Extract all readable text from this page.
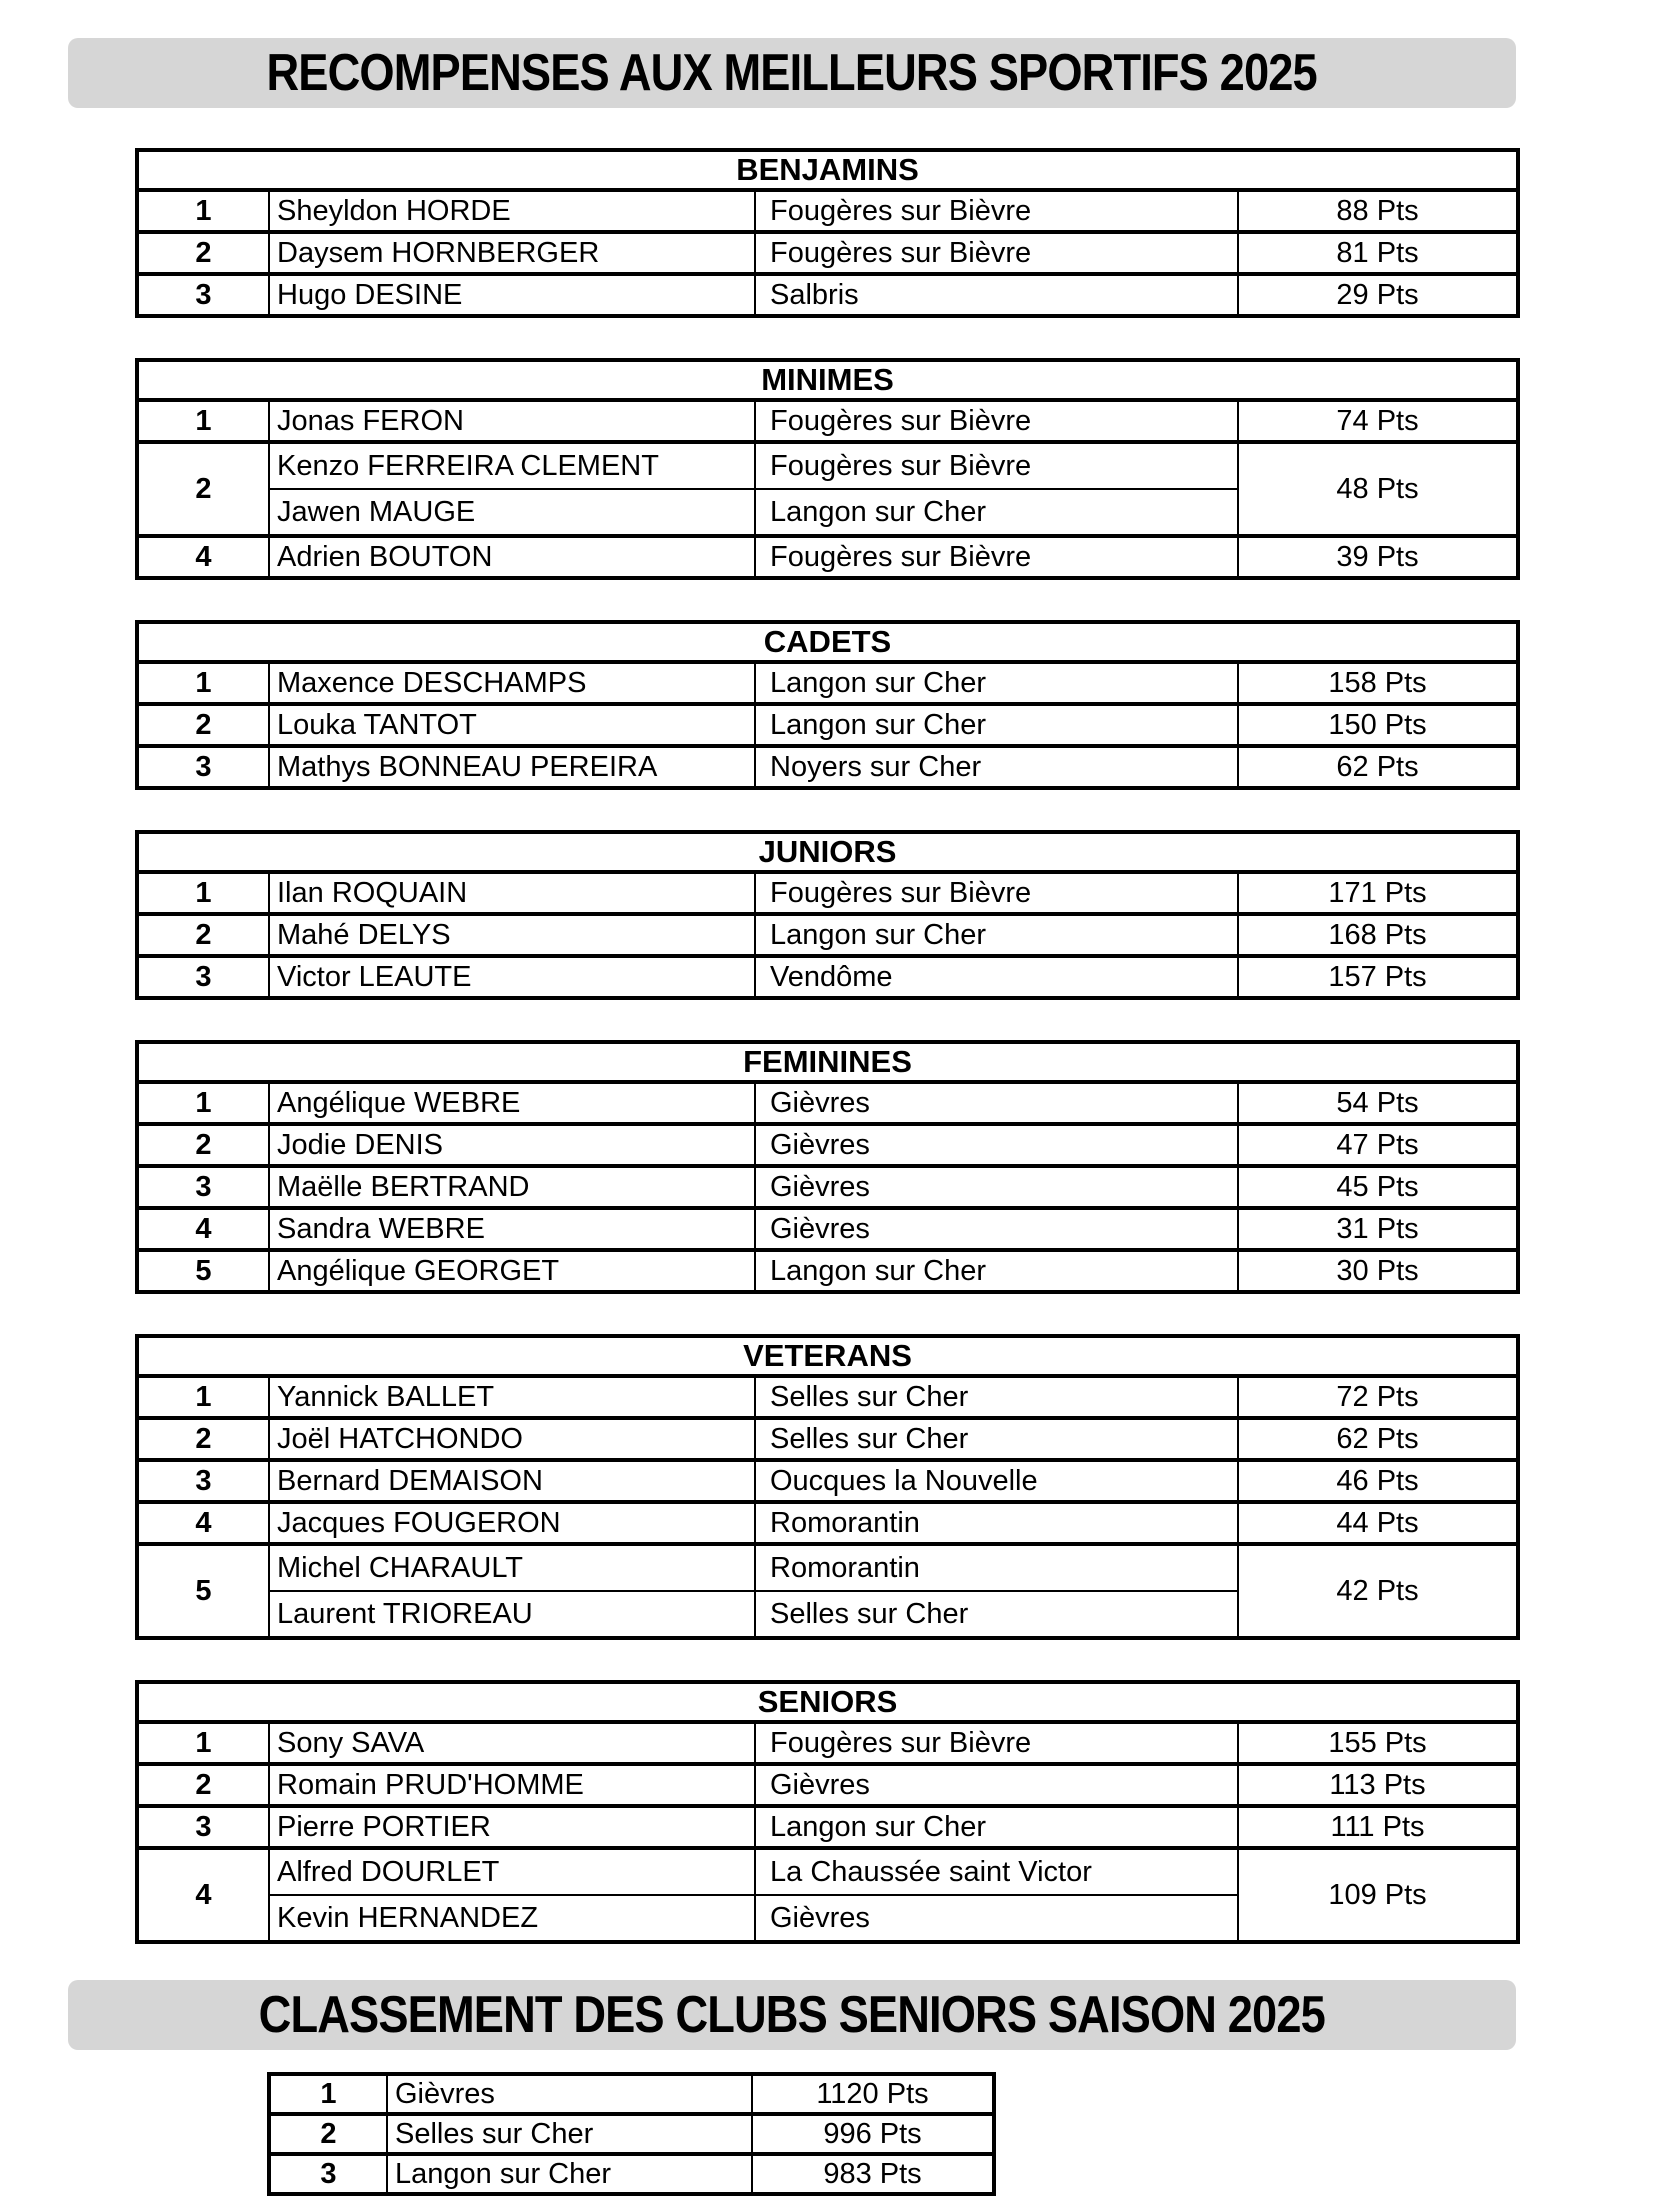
RECOMPENSES AUX MEILLEURS SPORTIFS 2025
BENJAMINS			
1	Sheyldon HORDE	Fougères sur Bièvre	88 Pts
2	Daysem HORNBERGER	Fougères sur Bièvre	81 Pts
3	Hugo DESINE	Salbris	29 Pts
MINIMES			
1	Jonas FERON	Fougères sur Bièvre	74 Pts
2	Kenzo FERREIRA CLEMENT	Fougères sur Bièvre	48 Pts
	Jawen MAUGE	Langon sur Cher	
4	Adrien BOUTON	Fougères sur Bièvre	39 Pts
CADETS			
1	Maxence DESCHAMPS	Langon sur Cher	158 Pts
2	Louka TANTOT	Langon sur Cher	150 Pts
3	Mathys BONNEAU PEREIRA	Noyers sur Cher	62 Pts
JUNIORS			
1	Ilan ROQUAIN	Fougères sur Bièvre	171 Pts
2	Mahé DELYS	Langon sur Cher	168 Pts
3	Victor LEAUTE	Vendôme	157 Pts
FEMININES			
1	Angélique WEBRE	Gièvres	54 Pts
2	Jodie DENIS	Gièvres	47 Pts
3	Maëlle BERTRAND	Gièvres	45 Pts
4	Sandra WEBRE	Gièvres	31 Pts
5	Angélique GEORGET	Langon sur Cher	30 Pts
VETERANS			
1	Yannick BALLET	Selles sur Cher	72 Pts
2	Joël HATCHONDO	Selles sur Cher	62 Pts
3	Bernard DEMAISON	Oucques la Nouvelle	46 Pts
4	Jacques FOUGERON	Romorantin	44 Pts
5	Michel CHARAULT	Romorantin	42 Pts
	Laurent TRIOREAU	Selles sur Cher	
SENIORS			
1	Sony SAVA	Fougères sur Bièvre	155 Pts
2	Romain PRUD'HOMME	Gièvres	113 Pts
3	Pierre PORTIER	Langon sur Cher	111 Pts
4	Alfred DOURLET	La Chaussée saint Victor	109 Pts
	Kevin HERNANDEZ	Gièvres	
CLASSEMENT DES CLUBS SENIORS SAISON 2025
1	Gièvres	1120 Pts
2	Selles sur Cher	996 Pts
3	Langon sur Cher	983 Pts
